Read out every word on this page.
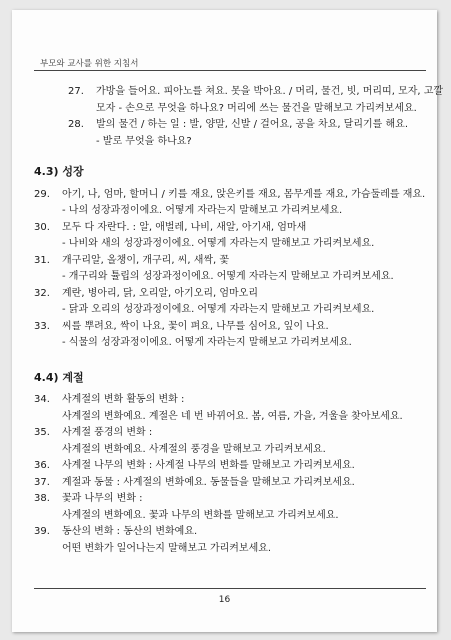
부모와 교사를 위한 지침서
27.	가방을 들어요. 피아노를 쳐요. 못을 박아요. / 머리, 물건, 빗, 머리띠, 모자, 고깔
모자 - 손으로 무엇을 하나요? 머리에 쓰는 물건을 말해보고 가리켜보세요.
28.	발의 물건 / 하는 일 : 발, 양말, 신발 / 걸어요, 공을 차요, 달리기를 해요.
- 발로 무엇을 하나요?
4.3) 성장
29.	아기, 나, 엄마, 할머니 / 키를 재요, 앉은키를 재요, 몸무게를 재요, 가슴둘레를 재요.
- 나의 성장과정이에요. 어떻게 자라는지 말해보고 가리켜보세요.
30.	모두 다 자란다. : 알, 애벌레, 나비, 새알, 아기새, 엄마새
- 나비와 새의 성장과정이에요. 어떻게 자라는지 말해보고 가리켜보세요.
31.	개구리알, 올챙이, 개구리, 씨, 새싹, 꽃
- 개구리와 튤립의 성장과정이에요. 어떻게 자라는지 말해보고 가리켜보세요.
32.	계란, 병아리, 닭, 오리알, 아기오리, 엄마오리
- 닭과 오리의 성장과정이에요. 어떻게 자라는지 말해보고 가리켜보세요.
33.	씨를 뿌려요, 싹이 나요, 꽃이 펴요, 나무를 심어요, 잎이 나요.
- 식물의 성장과정이에요. 어떻게 자라는지 말해보고 가리켜보세요.
4.4) 계절
34.	사계절의 변화 활동의 변화 :
사계절의 변화예요. 계절은 네 번 바뀌어요. 봄, 여름, 가을, 겨울을 찾아보세요.
35.	사계절 풍경의 변화 :
사계절의 변화예요. 사계절의 풍경을 말해보고 가리켜보세요.
36.	사계절 나무의 변화 : 사계절 나무의 변화를 말해보고 가리켜보세요.
37.	계절과 동물 : 사계절의 변화예요. 동물들을 말해보고 가리켜보세요.
38.	꽃과 나무의 변화 :
사계절의 변화예요. 꽃과 나무의 변화를 말해보고 가리켜보세요.
39.	동산의 변화 : 동산의 변화예요.
어떤 변화가 일어나는지 말해보고 가리켜보세요.
16
